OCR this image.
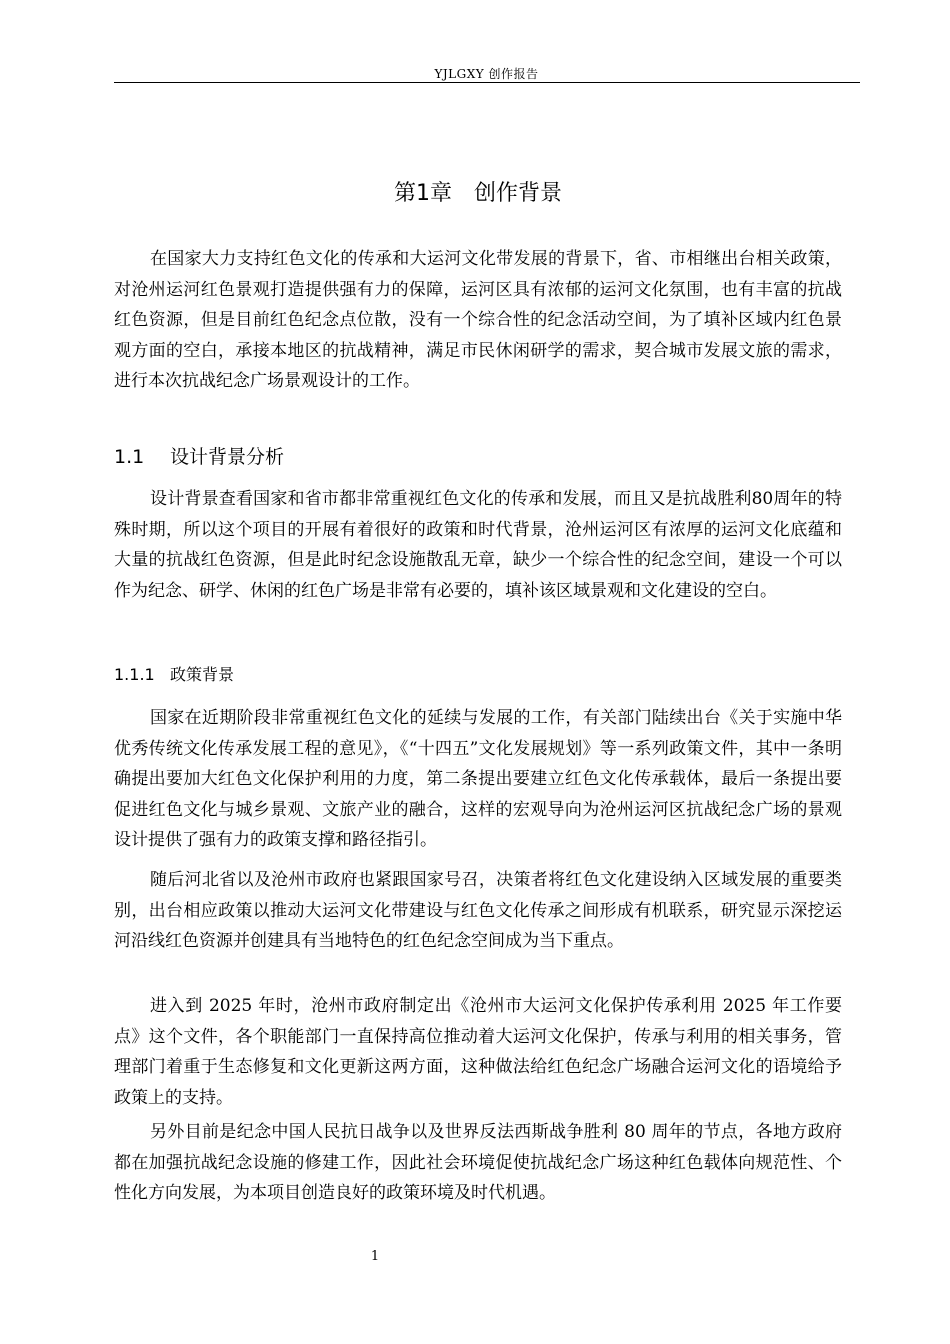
YJLGXY 创作报告
第1章　创作背景

在国家大力支持红色文化的传承和大运河文化带发展的背景下，省、市相继出台相关政策，对沧州运河红色景观打造提供强有力的保障，运河区具有浓郁的运河文化氛围，也有丰富的抗战红色资源，但是目前红色纪念点位散，没有一个综合性的纪念活动空间，为了填补区域内红色景观方面的空白，承接本地区的抗战精神，满足市民休闲研学的需求，契合城市发展文旅的需求，进行本次抗战纪念广场景观设计的工作。

1.1 设计背景分析

设计背景查看国家和省市都非常重视红色文化的传承和发展，而且又是抗战胜利80周年的特殊时期，所以这个项目的开展有着很好的政策和时代背景，沧州运河区有浓厚的运河文化底蕴和大量的抗战红色资源，但是此时纪念设施散乱无章，缺少一个综合性的纪念空间，建设一个可以作为纪念、研学、休闲的红色广场是非常有必要的，填补该区域景观和文化建设的空白。

1.1.1 政策背景

国家在近期阶段非常重视红色文化的延续与发展的工作，有关部门陆续出台《关于实施中华优秀传统文化传承发展工程的意见》，《“十四五”文化发展规划》等一系列政策文件，其中一条明确提出要加大红色文化保护利用的力度，第二条提出要建立红色文化传承载体，最后一条提出要促进红色文化与城乡景观、文旅产业的融合，这样的宏观导向为沧州运河区抗战纪念广场的景观设计提供了强有力的政策支撑和路径指引。

随后河北省以及沧州市政府也紧跟国家号召，决策者将红色文化建设纳入区域发展的重要类别，出台相应政策以推动大运河文化带建设与红色文化传承之间形成有机联系，研究显示深挖运河沿线红色资源并创建具有当地特色的红色纪念空间成为当下重点。

进入到 2025 年时，沧州市政府制定出《沧州市大运河文化保护传承利用 2025 年工作要点》这个文件，各个职能部门一直保持高位推动着大运河文化保护，传承与利用的相关事务，管理部门着重于生态修复和文化更新这两方面，这种做法给红色纪念广场融合运河文化的语境给予政策上的支持。

另外目前是纪念中国人民抗日战争以及世界反法西斯战争胜利 80 周年的节点，各地方政府都在加强抗战纪念设施的修建工作，因此社会环境促使抗战纪念广场这种红色载体向规范性、个性化方向发展，为本项目创造良好的政策环境及时代机遇。

1
